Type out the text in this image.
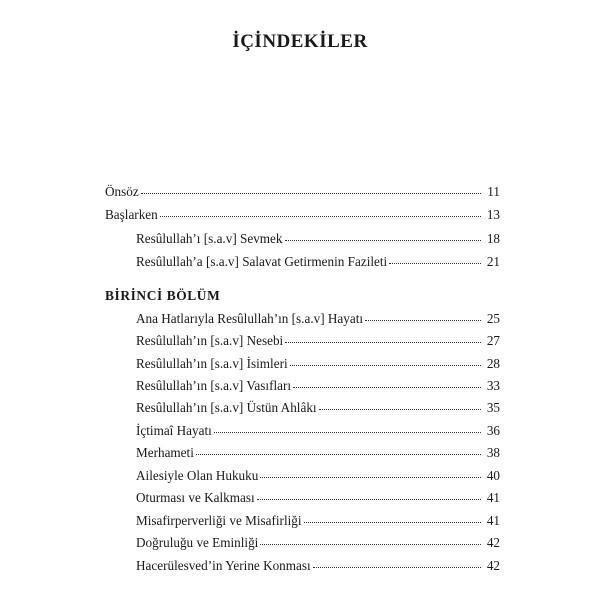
İÇİNDEKİLER
Önsöz	11
Başlarken	13
Resûlullah’ı [s.a.v] Sevmek	18
Resûlullah’a [s.a.v] Salavat Getirmenin Fazileti	21
BİRİNCİ BÖLÜM
Ana Hatlarıyla Resûlullah’ın [s.a.v] Hayatı	25
Resûlullah’ın [s.a.v] Nesebi	27
Resûlullah’ın [s.a.v] İsimleri	28
Resûlullah’ın [s.a.v] Vasıfları	33
Resûlullah’ın [s.a.v] Üstün Ahlâkı	35
İçtimaî Hayatı	36
Merhameti	38
Ailesiyle Olan Hukuku	40
Oturması ve Kalkması	41
Misafirperverliği ve Misafirliği	41
Doğruluğu ve Eminliği	42
Hacerülesved’in Yerine Konması	42
